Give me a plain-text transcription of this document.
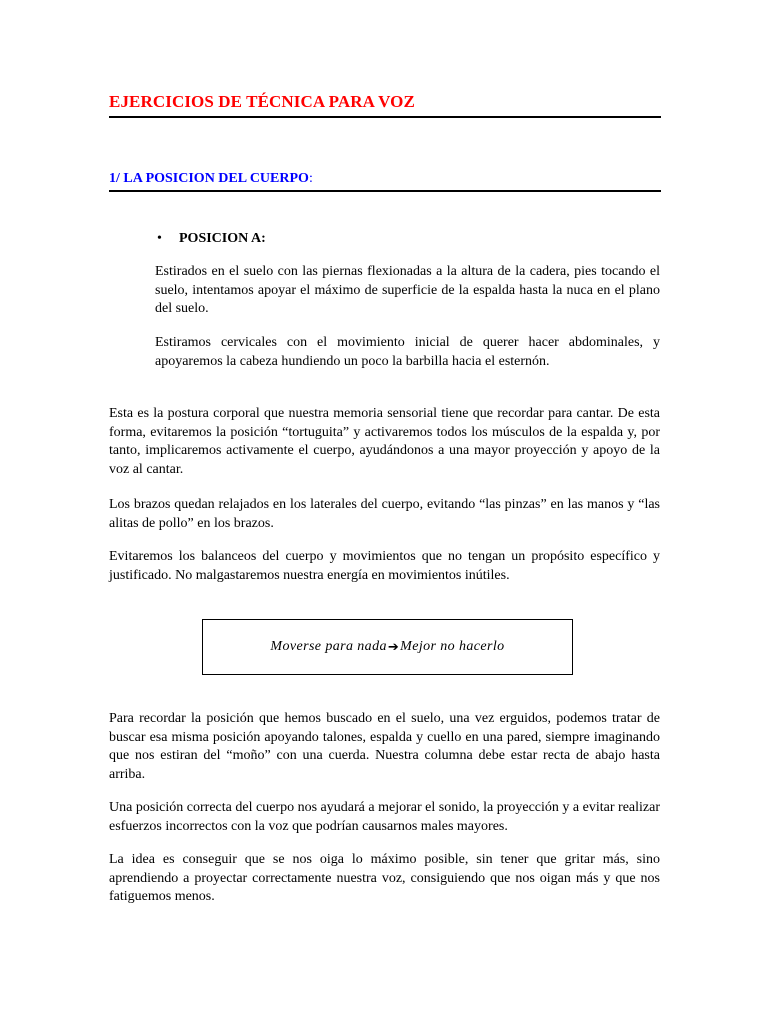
EJERCICIOS DE TÉCNICA PARA VOZ
1/ LA POSICION DEL CUERPO:
• POSICION A:

Estirados en el suelo con las piernas flexionadas a la altura de la cadera, pies tocando el suelo, intentamos apoyar el máximo de superficie de la espalda hasta la nuca en el plano del suelo.

Estiramos cervicales con el movimiento inicial de querer hacer abdominales, y apoyaremos la cabeza hundiendo un poco la barbilla hacia el esternón.

Esta es la postura corporal que nuestra memoria sensorial tiene que recordar para cantar. De esta forma, evitaremos la posición “tortuguita” y activaremos todos los músculos de la espalda y, por tanto, implicaremos activamente el cuerpo, ayudándonos a una mayor proyección y apoyo de la voz al cantar.

Los brazos quedan relajados en los laterales del cuerpo, evitando “las pinzas” en las manos y “las alitas de pollo” en los brazos.

Evitaremos los balanceos del cuerpo y movimientos que no tengan un propósito específico y justificado. No malgastaremos nuestra energía en movimientos inútiles.

Moverse para nada ➔ Mejor no hacerlo

Para recordar la posición que hemos buscado en el suelo, una vez erguidos, podemos tratar de buscar esa misma posición apoyando talones, espalda y cuello en una pared, siempre imaginando que nos estiran del “moño” con una cuerda. Nuestra columna debe estar recta de abajo hasta arriba.

Una posición correcta del cuerpo nos ayudará a mejorar el sonido, la proyección y a evitar realizar esfuerzos incorrectos con la voz que podrían causarnos males mayores.

La idea es conseguir que se nos oiga lo máximo posible, sin tener que gritar más, sino aprendiendo a proyectar correctamente nuestra voz, consiguiendo que nos oigan más y que nos fatiguemos menos.
